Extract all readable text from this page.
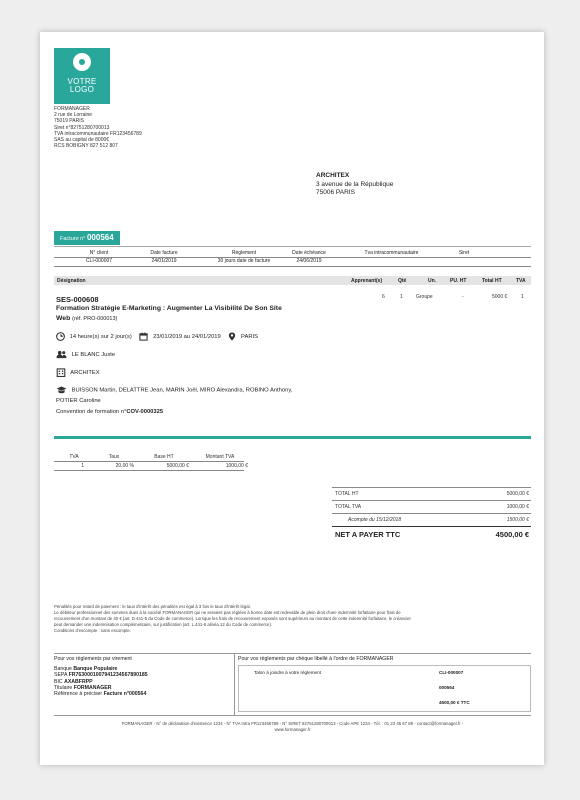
VOTRE
LOGO
FORMANAGER
2 rue de Lorraine
75019 PARIS
Siret n°82751280700013
TVA intracommunautaire FR123456789
SAS au capital de 8000€
RCS BOBIGNY 827 512 807
ARCHITEX
3 avenue de la République
75006 PARIS
Facture n° 000564
N° client	Date facture	Règlement	Date échéance	Tva intracommunautaire	Siret
CLI-000007	24/01/2019	30 jours date de facture	24/06/2019
Désignation	Apprenant(s)	Qté	Un.	PU. HT	Total HT	TVA
SES-000608
Formation Stratégie E-Marketing : Augmenter La Visibilité De Son Site
Web (réf. PRO-000013)
6	1	Groupe	-	5000 €	1
14 heure(s) sur 2 jour(s)	23/01/2019 au 24/01/2019	PARIS
LE BLANC Juste
ARCHITEX
BUISSON Martin, DELATTRE Jean, MARIN Joël, MIRO Alexandra, ROBINO Anthony,
POTIER Caroline
Convention de formation n°COV-0000325
TVA	Taux	Base HT	Montant TVA
1	20,00 %	5000,00 €	1000,00 €
TOTAL HT	5000,00 €
TOTAL TVA	1000,00 €
Acompte du 15/12/2018	1500,00 €
NET A PAYER TTC	4500,00 €
Pénalités pour retard de paiement : le taux d'intérêt des pénalités est égal à 3 fois le taux d'intérêt légal.
Le débiteur professionnel des sommes dues à la société FORMANAGER qui ne seraient pas réglées à bonne date est redevable de plein droit d'une indemnité forfaitaire pour frais de
recouvrement d'un montant de 40 € (art. D.441-5 du Code de commerce). Lorsque les frais de recouvrement exposés sont supérieurs au montant de cette indemnité forfaitaire, le créancier
peut demander une indemnisation complémentaire, sur justification (art. L.441-6 alinéa 12 du Code de commerce).
Conditions d'escompte : sans escompte.
Pour vos règlements par virement
Banque Banque Populaire
SEPA FR7630001007941234567890185
BIC AXABFRPP
Titulaire FORMANAGER
Référence à préciser Facture n°000564
Pour vos règlements par chèque libellé à l'ordre de FORMANAGER
Talon à joindre à votre règlement	CLI-000007
000564
4500,00 € TTC
FORMANAGER - N° de déclaration d'existence 1234 - N° TVA Intra FR123456789 - N° SIRET 82751280700013 - Code APE 1234 - Tél. : 01 23 45 67 89 - contact@formanager.fr -
www.formanager.fr
